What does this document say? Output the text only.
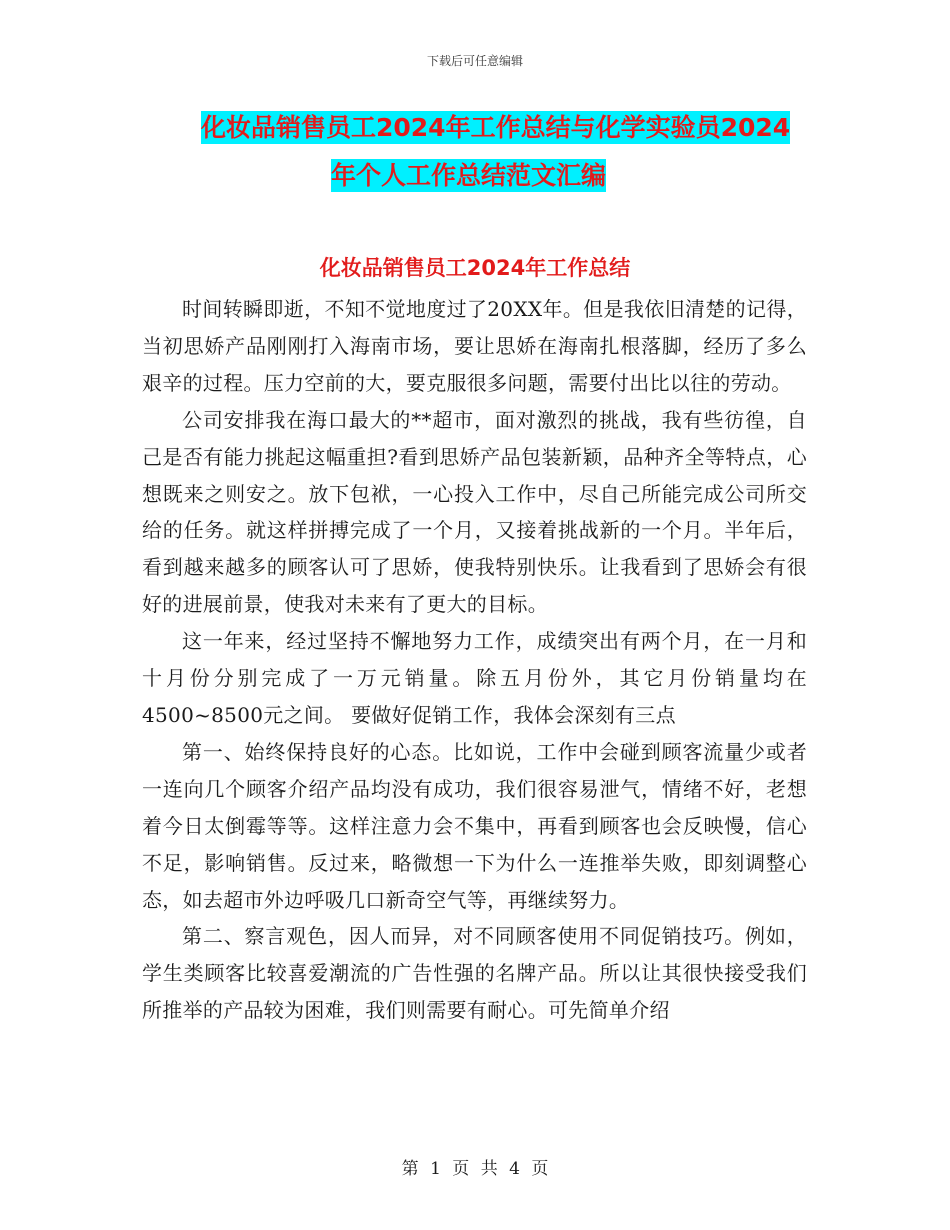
下载后可任意编辑
化妆品销售员工2024年工作总结与化学实验员2024
年个人工作总结范文汇编
化妆品销售员工2024年工作总结

时间转瞬即逝，不知不觉地度过了20XX年。但是我依旧清楚的记得，当初思娇产品刚刚打入海南市场，要让思娇在海南扎根落脚，经历了多么艰辛的过程。压力空前的大，要克服很多问题，需要付出比以往的劳动。

公司安排我在海口最大的**超市，面对激烈的挑战，我有些彷徨，自己是否有能力挑起这幅重担?看到思娇产品包装新颖，品种齐全等特点，心想既来之则安之。放下包袱，一心投入工作中，尽自己所能完成公司所交给的任务。就这样拼搏完成了一个月，又接着挑战新的一个月。半年后，看到越来越多的顾客认可了思娇，使我特别快乐。让我看到了思娇会有很好的进展前景，使我对未来有了更大的目标。

这一年来，经过坚持不懈地努力工作，成绩突出有两个月，在一月和十月份分别完成了一万元销量。除五月份外，其它月份销量均在4500~8500元之间。 要做好促销工作，我体会深刻有三点

第一、始终保持良好的心态。比如说，工作中会碰到顾客流量少或者一连向几个顾客介绍产品均没有成功，我们很容易泄气，情绪不好，老想着今日太倒霉等等。这样注意力会不集中，再看到顾客也会反映慢，信心不足，影响销售。反过来，略微想一下为什么一连推举失败，即刻调整心态，如去超市外边呼吸几口新奇空气等，再继续努力。

第二、察言观色，因人而异，对不同顾客使用不同促销技巧。例如，学生类顾客比较喜爱潮流的广告性强的名牌产品。所以让其很快接受我们所推举的产品较为困难，我们则需要有耐心。可先简单介绍

第 1 页 共 4 页
